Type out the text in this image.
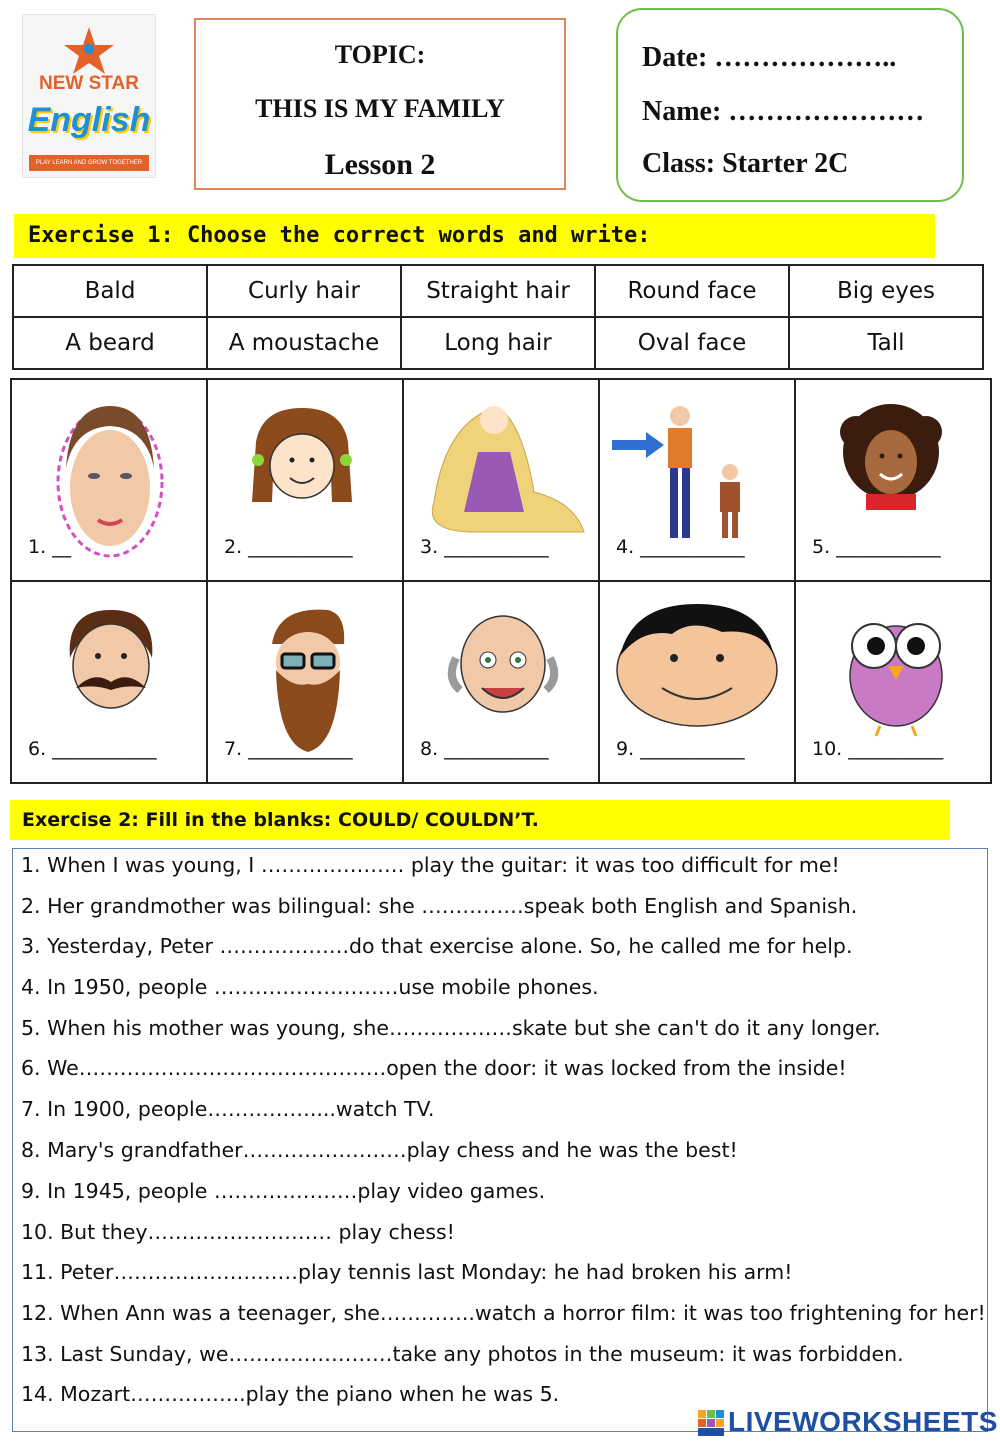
NEW STAR
English
PLAY LEARN AND GROW TOGETHER
TOPIC:
THIS IS MY FAMILY
Lesson 2
Date: ………………..
Name: …………………
Class: Starter 2C
Exercise 1: Choose the correct words and write:
Bald	Curly hair	Straight hair	Round face	Big eyes
A beard	A moustache	Long hair	Oval face	Tall
1. __	2. ___________	3. ___________	4. ___________	5. ___________
6. ___________	7. ___________	8. ___________	9. ___________	10. __________
Exercise 2: Fill in the blanks: COULD/ COULDN’T.
1. When I was young, I ………………… play the guitar: it was too difficult for me!
2. Her grandmother was bilingual: she ……………speak both English and Spanish.
3. Yesterday, Peter ……………….do that exercise alone. So, he called me for help.
4. In 1950, people ………………………use mobile phones.
5. When his mother was young, she………………skate but she can't do it any longer.
6. We………………………………………open the door: it was locked from the inside!
7. In 1900, people……………....watch TV.
8. Mary's grandfather……………………play chess and he was the best!
9. In 1945, people …………………play video games.
10. But they……………………… play chess!
11. Peter………………………play tennis last Monday: he had broken his arm!
12. When Ann was a teenager, she…………..watch a horror film: it was too frightening for her!
13. Last Sunday, we……………………take any photos in the museum: it was forbidden.
14. Mozart……………..play the piano when he was 5.
LIVEWORKSHEETS
